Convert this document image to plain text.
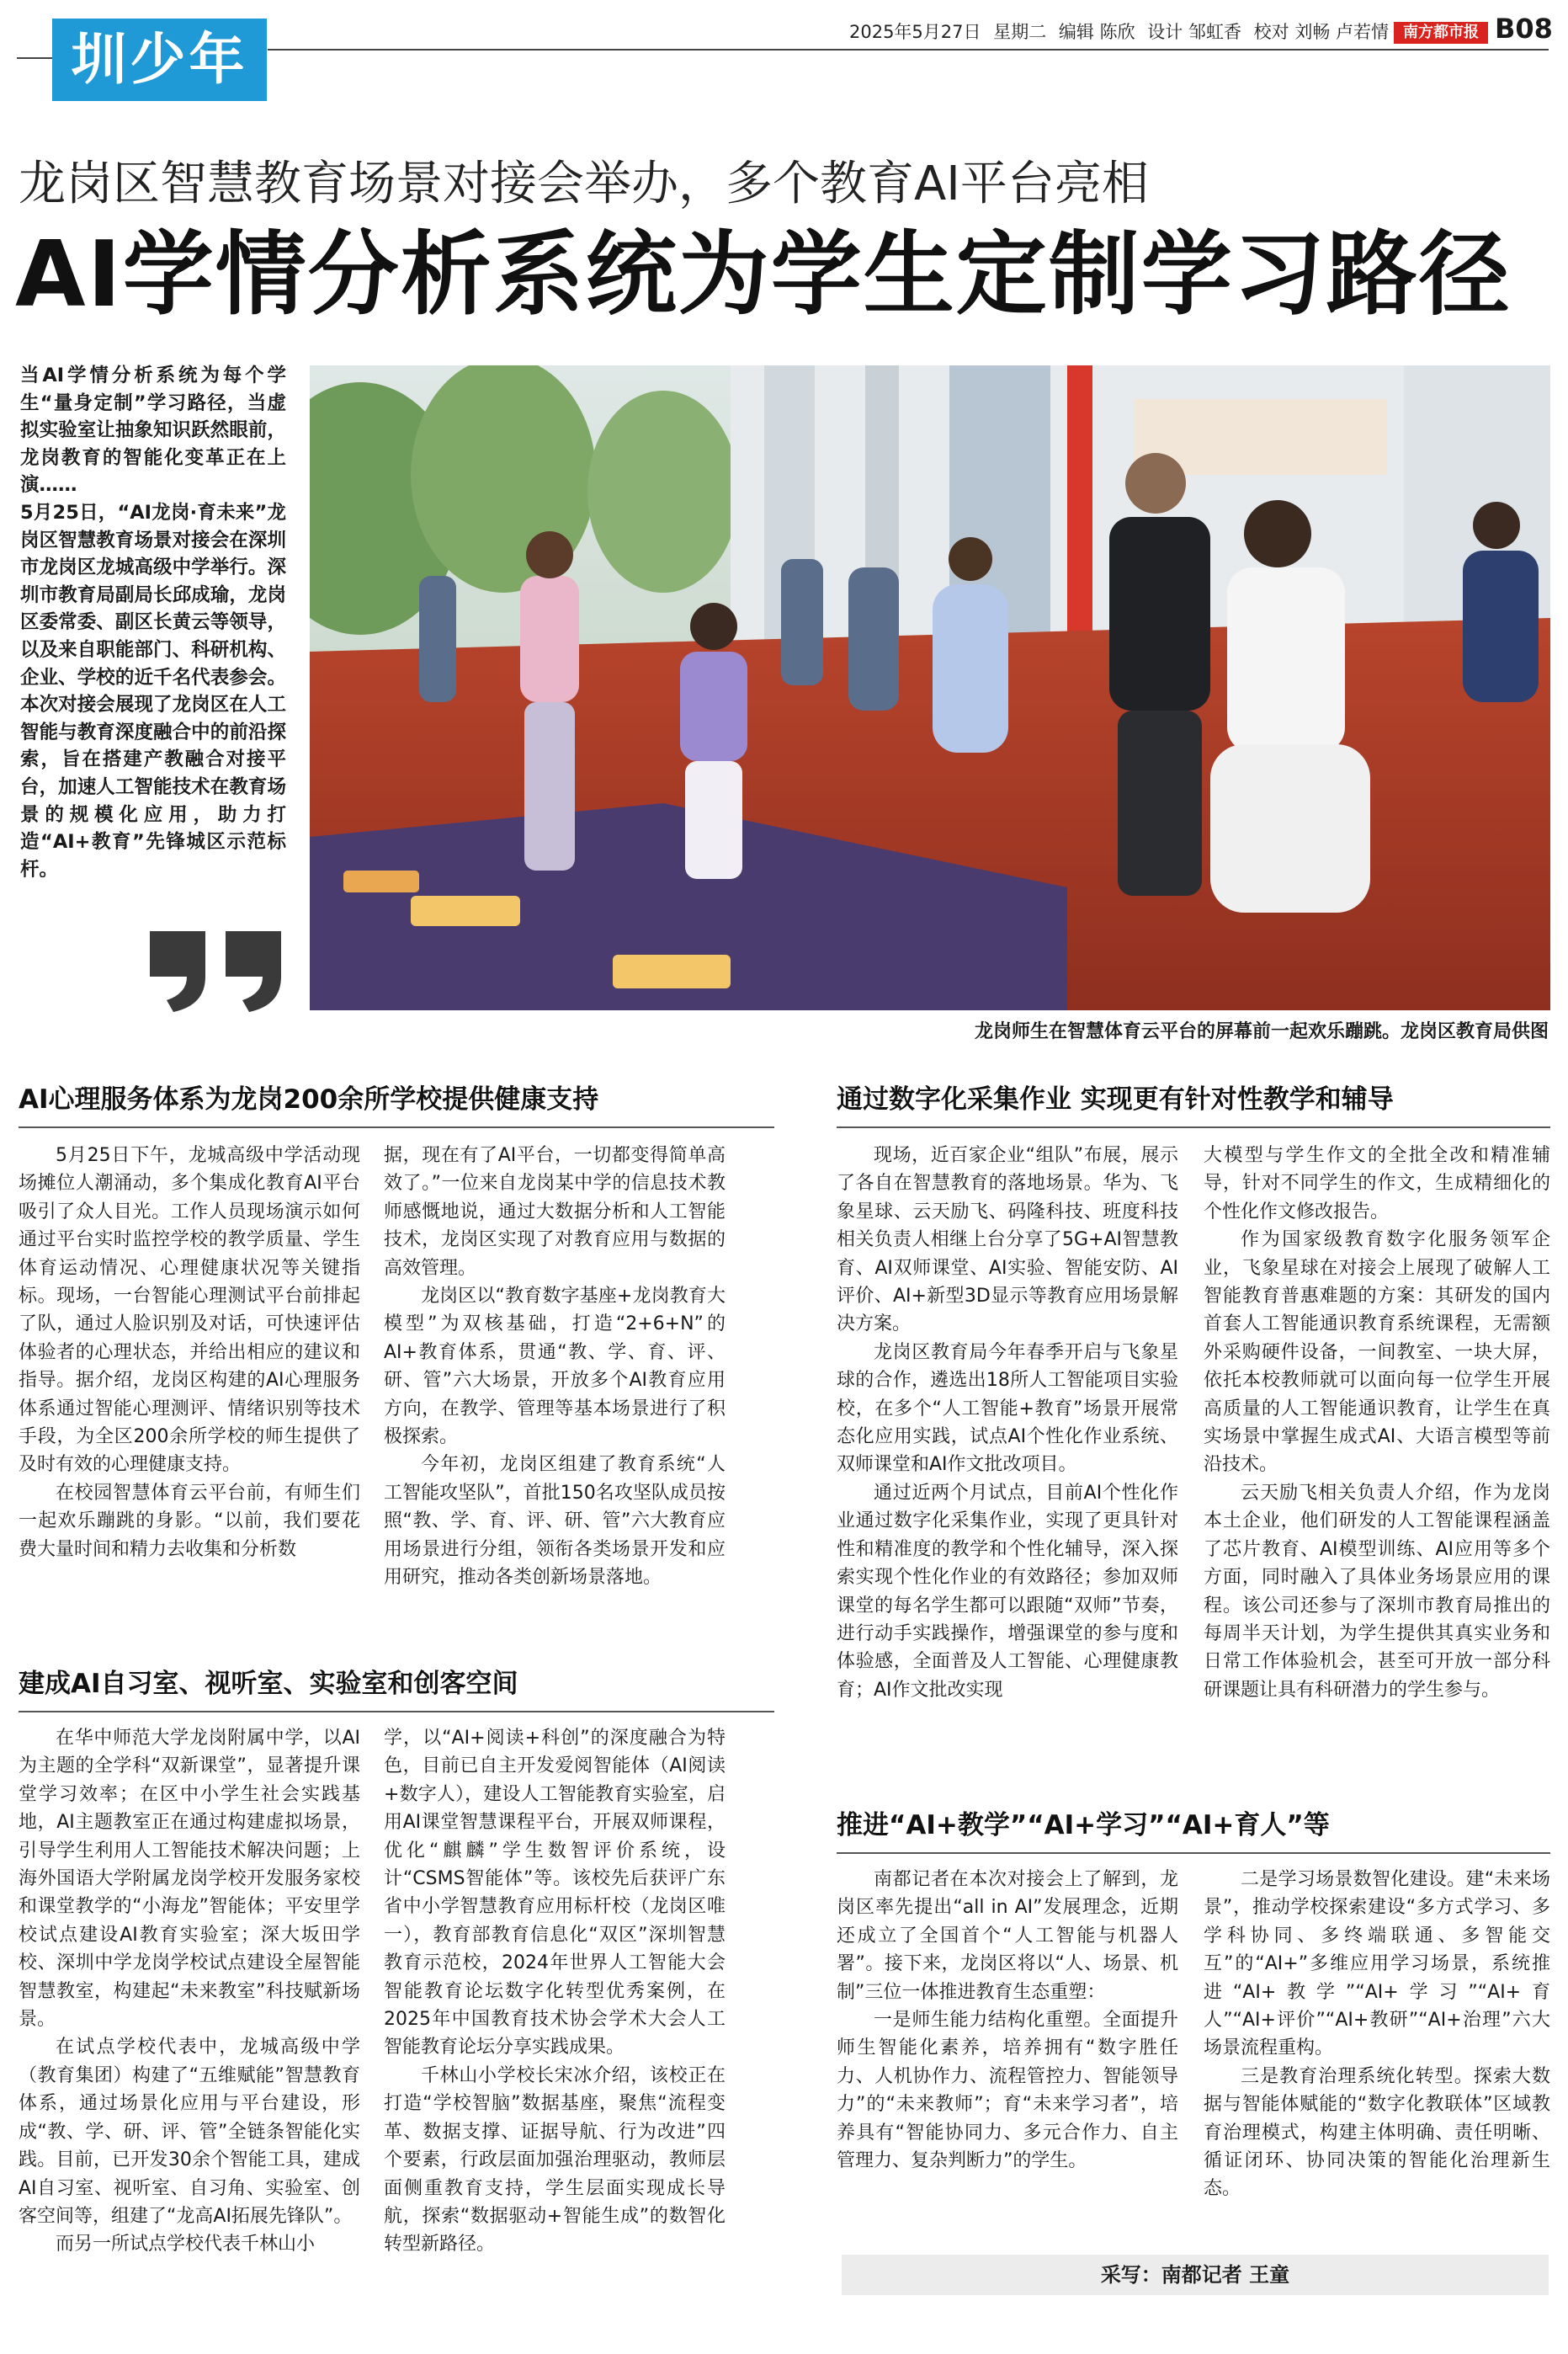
圳少年	2025年5月27日 星期二 编辑 陈欣 设计 邹虹香 校对 刘畅 卢若情 南方都市报 B08
龙岗区智慧教育场景对接会举办，多个教育AI平台亮相
AI学情分析系统为学生定制学习路径

当AI学情分析系统为每个学生“量身定制”学习路径，当虚拟实验室让抽象知识跃然眼前，龙岗教育的智能化变革正在上演……

5月25日，“AI龙岗·育未来”龙岗区智慧教育场景对接会在深圳市龙岗区龙城高级中学举行。深圳市教育局副局长邱成瑜，龙岗区委常委、副区长黄云等领导，以及来自职能部门、科研机构、企业、学校的近千名代表参会。本次对接会展现了龙岗区在人工智能与教育深度融合中的前沿探索，旨在搭建产教融合对接平台，加速人工智能技术在教育场景的规模化应用，助力打造“AI+教育”先锋城区示范标杆。

龙岗师生在智慧体育云平台的屏幕前一起欢乐蹦跳。龙岗区教育局供图
AI心理服务体系为龙岗200余所学校提供健康支持

5月25日下午，龙城高级中学活动现场摊位人潮涌动，多个集成化教育AI平台吸引了众人目光。工作人员现场演示如何通过平台实时监控学校的教学质量、学生体育运动情况、心理健康状况等关键指标。现场，一台智能心理测试平台前排起了队，通过人脸识别及对话，可快速评估体验者的心理状态，并给出相应的建议和指导。据介绍，龙岗区构建的AI心理服务体系通过智能心理测评、情绪识别等技术手段，为全区200余所学校的师生提供了及时有效的心理健康支持。

在校园智慧体育云平台前，有师生们一起欢乐蹦跳的身影。“以前，我们要花费大量时间和精力去收集和分析数

据，现在有了AI平台，一切都变得简单高效了。”一位来自龙岗某中学的信息技术教师感慨地说，通过大数据分析和人工智能技术，龙岗区实现了对教育应用与数据的高效管理。

龙岗区以“教育数字基座+龙岗教育大模型”为双核基础，打造“2+6+N”的AI+教育体系，贯通“教、学、育、评、研、管”六大场景，开放多个AI教育应用方向，在教学、管理等基本场景进行了积极探索。

今年初，龙岗区组建了教育系统“人工智能攻坚队”，首批150名攻坚队成员按照“教、学、育、评、研、管”六大教育应用场景进行分组，领衔各类场景开发和应用研究，推动各类创新场景落地。

建成AI自习室、视听室、实验室和创客空间

在华中师范大学龙岗附属中学，以AI为主题的全学科“双新课堂”，显著提升课堂学习效率；在区中小学生社会实践基地，AI主题教室正在通过构建虚拟场景，引导学生利用人工智能技术解决问题；上海外国语大学附属龙岗学校开发服务家校和课堂教学的“小海龙”智能体；平安里学校试点建设AI教育实验室；深大坂田学校、深圳中学龙岗学校试点建设全屋智能智慧教室，构建起“未来教室”科技赋新场景。

在试点学校代表中，龙城高级中学（教育集团）构建了“五维赋能”智慧教育体系，通过场景化应用与平台建设，形成“教、学、研、评、管”全链条智能化实践。目前，已开发30余个智能工具，建成AI自习室、视听室、自习角、实验室、创客空间等，组建了“龙高AI拓展先锋队”。

而另一所试点学校代表千林山小

学，以“AI+阅读+科创”的深度融合为特色，目前已自主开发爱阅智能体（AI阅读+数字人），建设人工智能教育实验室，启用AI课堂智慧课程平台，开展双师课程，优化“麒麟”学生数智评价系统，设计“CSMS智能体”等。该校先后获评广东省中小学智慧教育应用标杆校（龙岗区唯一），教育部教育信息化“双区”深圳智慧教育示范校，2024年世界人工智能大会智能教育论坛数字化转型优秀案例，在2025年中国教育技术协会学术大会人工智能教育论坛分享实践成果。

千林山小学校长宋冰介绍，该校正在打造“学校智脑”数据基座，聚焦“流程变革、数据支撑、证据导航、行为改进”四个要素，行政层面加强治理驱动，教师层面侧重教育支持，学生层面实现成长导航，探索“数据驱动+智能生成”的数智化转型新路径。

通过数字化采集作业 实现更有针对性教学和辅导

现场，近百家企业“组队”布展，展示了各自在智慧教育的落地场景。华为、飞象星球、云天励飞、码隆科技、班度科技相关负责人相继上台分享了5G+AI智慧教育、AI双师课堂、AI实验、智能安防、AI评价、AI+新型3D显示等教育应用场景解决方案。

龙岗区教育局今年春季开启与飞象星球的合作，遴选出18所人工智能项目实验校，在多个“人工智能+教育”场景开展常态化应用实践，试点AI个性化作业系统、双师课堂和AI作文批改项目。

通过近两个月试点，目前AI个性化作业通过数字化采集作业，实现了更具针对性和精准度的教学和个性化辅导，深入探索实现个性化作业的有效路径；参加双师课堂的每名学生都可以跟随“双师”节奏，进行动手实践操作，增强课堂的参与度和体验感，全面普及人工智能、心理健康教育；AI作文批改实现

大模型与学生作文的全批全改和精准辅导，针对不同学生的作文，生成精细化的个性化作文修改报告。

作为国家级教育数字化服务领军企业，飞象星球在对接会上展现了破解人工智能教育普惠难题的方案：其研发的国内首套人工智能通识教育系统课程，无需额外采购硬件设备，一间教室、一块大屏，依托本校教师就可以面向每一位学生开展高质量的人工智能通识教育，让学生在真实场景中掌握生成式AI、大语言模型等前沿技术。

云天励飞相关负责人介绍，作为龙岗本土企业，他们研发的人工智能课程涵盖了芯片教育、AI模型训练、AI应用等多个方面，同时融入了具体业务场景应用的课程。该公司还参与了深圳市教育局推出的每周半天计划，为学生提供其真实业务和日常工作体验机会，甚至可开放一部分科研课题让具有科研潜力的学生参与。

推进“AI+教学”“AI+学习”“AI+育人”等

南都记者在本次对接会上了解到，龙岗区率先提出“all in AI”发展理念，近期还成立了全国首个“人工智能与机器人署”。接下来，龙岗区将以“人、场景、机制”三位一体推进教育生态重塑：

一是师生能力结构化重塑。全面提升师生智能化素养，培养拥有“数字胜任力、人机协作力、流程管控力、智能领导力”的“未来教师”；育“未来学习者”，培养具有“智能协同力、多元合作力、自主管理力、复杂判断力”的学生。

二是学习场景数智化建设。建“未来场景”，推动学校探索建设“多方式学习、多学科协同、多终端联通、多智能交互”的“AI+”多维应用学习场景，系统推进“AI+教学”“AI+学习”“AI+育人”“AI+评价”“AI+教研”“AI+治理”六大场景流程重构。

三是教育治理系统化转型。探索大数据与智能体赋能的“数字化教联体”区域教育治理模式，构建主体明确、责任明晰、循证闭环、协同决策的智能化治理新生态。

采写：南都记者 王童
